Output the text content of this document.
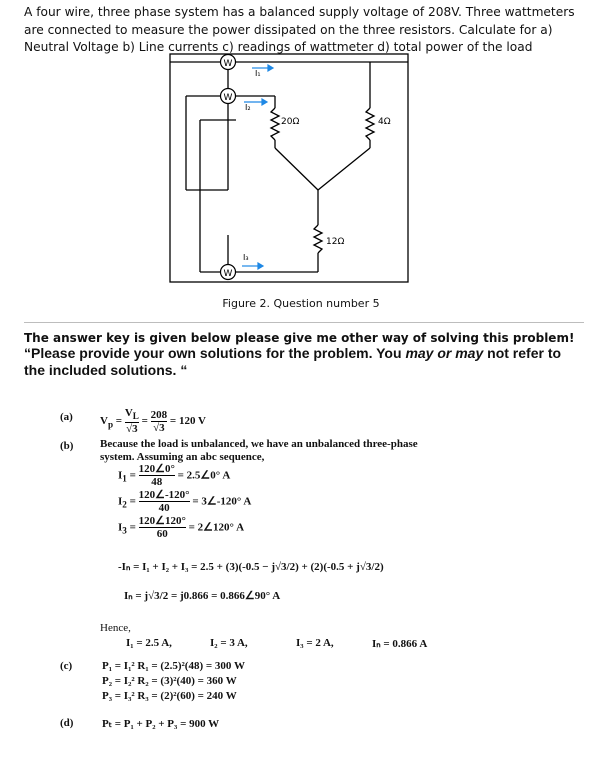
A four wire, three phase system has a balanced supply voltage of 208V. Three wattmeters are connected to measure the power dissipated on the three resistors. Calculate for a) Neutral Voltage b) Line currents c) readings of wattmeter d) total power of the load
W
W
W
I₁
I₂
I₃
20Ω	4Ω
12Ω
Figure 2. Question number 5
The answer key is given below please give me other way of solving this problem!
“Please provide your own solutions for the problem. You may or may not refer to the included solutions. “
(a) $V_p = \frac{V_L}{√3} = \frac{208}{√3} = 120$ V
(b) Because the load is unbalanced, we have an unbalanced three-phase
system. Assuming an abc sequence,
$I_1 = \frac{120\angle 0^\circ}{48}$ = 2.5∠0° A
$I_2 = \frac{120\angle-120^\circ}{40}$ = 3∠-120° A
$I_3 = \frac{120\angle 120^\circ}{60}$ = 2∠120° A
-Iₙ = I₁ + I₂ + I₃ = 2.5 + (3)(-0.5 − j√3/2) + (2)(-0.5 + j√3/2)
Iₙ = j√3/2 = j0.866 = 0.866∠90° A
Hence,
I₁ = 2.5 A,	I₂ = 3 A,	I₃ = 2 A,	Iₙ = 0.866 A
(c)	P₁ = I₁² R₁ = (2.5)²(48) = 300 W
P₂ = I₂² R₂ = (3)²(40) = 360 W
P₃ = I₃² R₃ = (2)²(60) = 240 W
(d)	Pₜ = P₁ + P₂ + P₃ = 900 W
